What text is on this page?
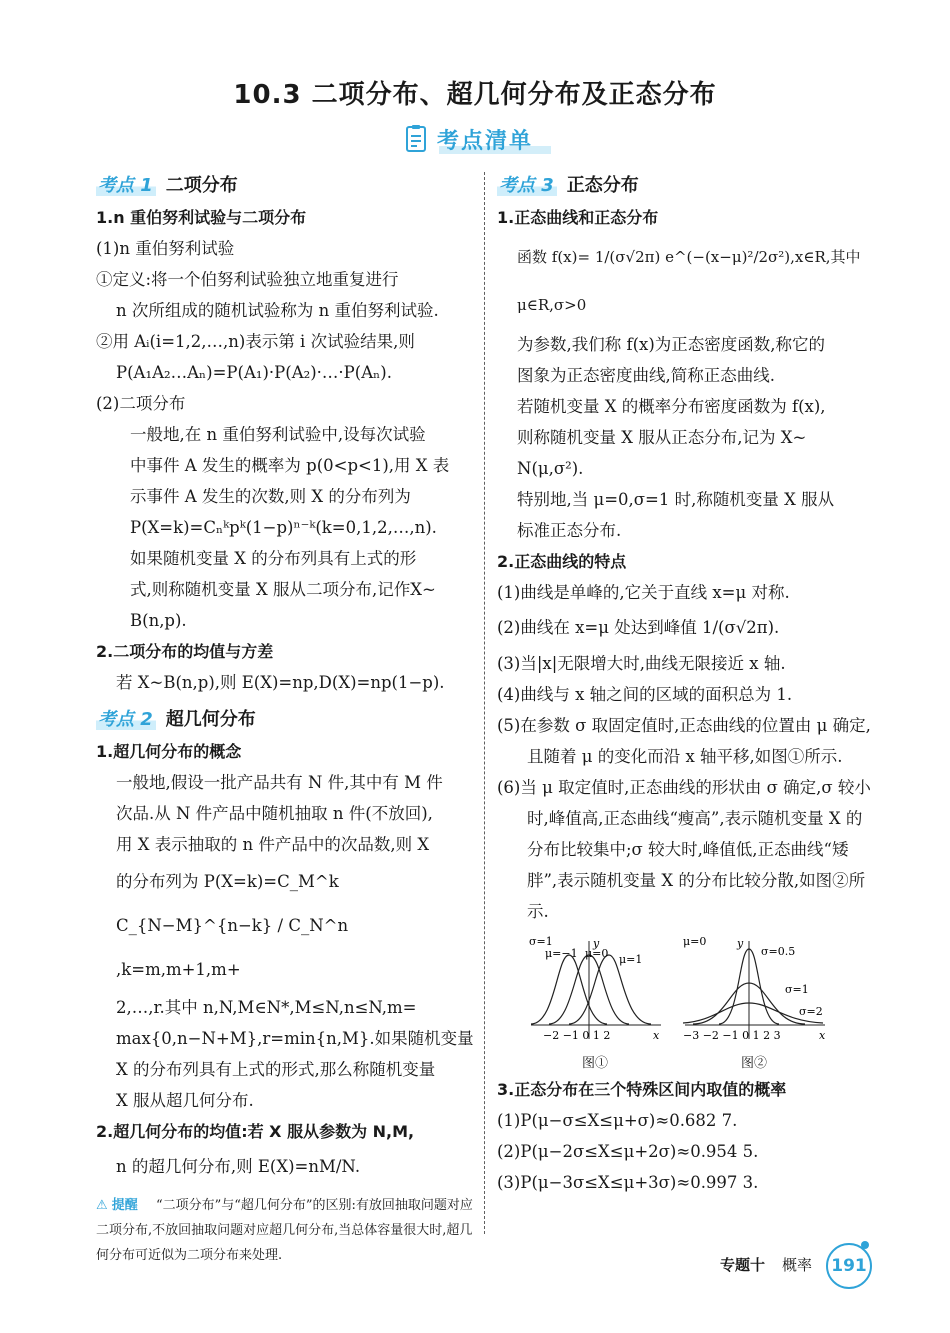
10.3 二项分布、超几何分布及正态分布
考点清单
考点 1 二项分布

1.n 重伯努利试验与二项分布

(1)n 重伯努利试验

①定义:将一个伯努利试验独立地重复进行

n 次所组成的随机试验称为 n 重伯努利试验.

②用 Aᵢ(i=1,2,…,n)表示第 i 次试验结果,则

P(A₁A₂…Aₙ)=P(A₁)·P(A₂)·…·P(Aₙ).

(2)二项分布

一般地,在 n 重伯努利试验中,设每次试验

中事件 A 发生的概率为 p(0<p<1),用 X 表

示事件 A 发生的次数,则 X 的分布列为

P(X=k)=Cₙᵏpᵏ(1−p)ⁿ⁻ᵏ(k=0,1,2,…,n).

如果随机变量 X 的分布列具有上式的形

式,则称随机变量 X 服从二项分布,记作X~

B(n,p).

2.二项分布的均值与方差

若 X~B(n,p),则 E(X)=np,D(X)=np(1−p).

考点 2 超几何分布

1.超几何分布的概念

一般地,假设一批产品共有 N 件,其中有 M 件

次品.从 N 件产品中随机抽取 n 件(不放回),

用 X 表示抽取的 n 件产品中的次品数,则 X

的分布列为 P(X=k)=C_M^k C_{N−M}^{n−k} / C_N^n ,k=m,m+1,m+

2,…,r.其中 n,N,M∈N*,M≤N,n≤N,m=

max{0,n−N+M},r=min{n,M}.如果随机变量

X 的分布列具有上式的形式,那么称随机变量

X 服从超几何分布.

2.超几何分布的均值:若 X 服从参数为 N,M,

n 的超几何分布,则 E(X)=nM/N.

⚠ 提醒 “二项分布”与“超几何分布”的区别:有放回抽取问题对应二项分布,不放回抽取问题对应超几何分布,当总体容量很大时,超几何分布可近似为二项分布来处理.
考点 3 正态分布

1.正态曲线和正态分布

函数 f(x)= 1/(σ√2π) e^(−(x−μ)²/2σ²),x∈R,其中 μ∈R,σ>0

为参数,我们称 f(x)为正态密度函数,称它的

图象为正态密度曲线,简称正态曲线.

若随机变量 X 的概率分布密度函数为 f(x),

则称随机变量 X 服从正态分布,记为 X~

N(μ,σ²).

特别地,当 μ=0,σ=1 时,称随机变量 X 服从

标准正态分布.

2.正态曲线的特点

(1)曲线是单峰的,它关于直线 x=μ 对称.

(2)曲线在 x=μ 处达到峰值 1/(σ√2π).

(3)当|x|无限增大时,曲线无限接近 x 轴.

(4)曲线与 x 轴之间的区域的面积总为 1.

(5)在参数 σ 取固定值时,正态曲线的位置由 μ 确定,且随着 μ 的变化而沿 x 轴平移,如图①所示.

(6)当 μ 取定值时,正态曲线的形状由 σ 确定,σ 较小时,峰值高,正态曲线“瘦高”,表示随机变量 X 的分布比较集中;σ 较大时,峰值低,正态曲线“矮胖”,表示随机变量 X 的分布比较分散,如图②所示.

σ=1
μ=−1 μ=0 μ=1
y
x
−2 −1 0 1 2
图①
μ=0
σ=0.5
σ=1
σ=2
y
x
−3 −2 −1 0 1 2 3
图②

3.正态分布在三个特殊区间内取值的概率

(1)P(μ−σ≤X≤μ+σ)≈0.682 7.

(2)P(μ−2σ≤X≤μ+2σ)≈0.954 5.

(3)P(μ−3σ≤X≤μ+3σ)≈0.997 3.

专题十 概率	191
